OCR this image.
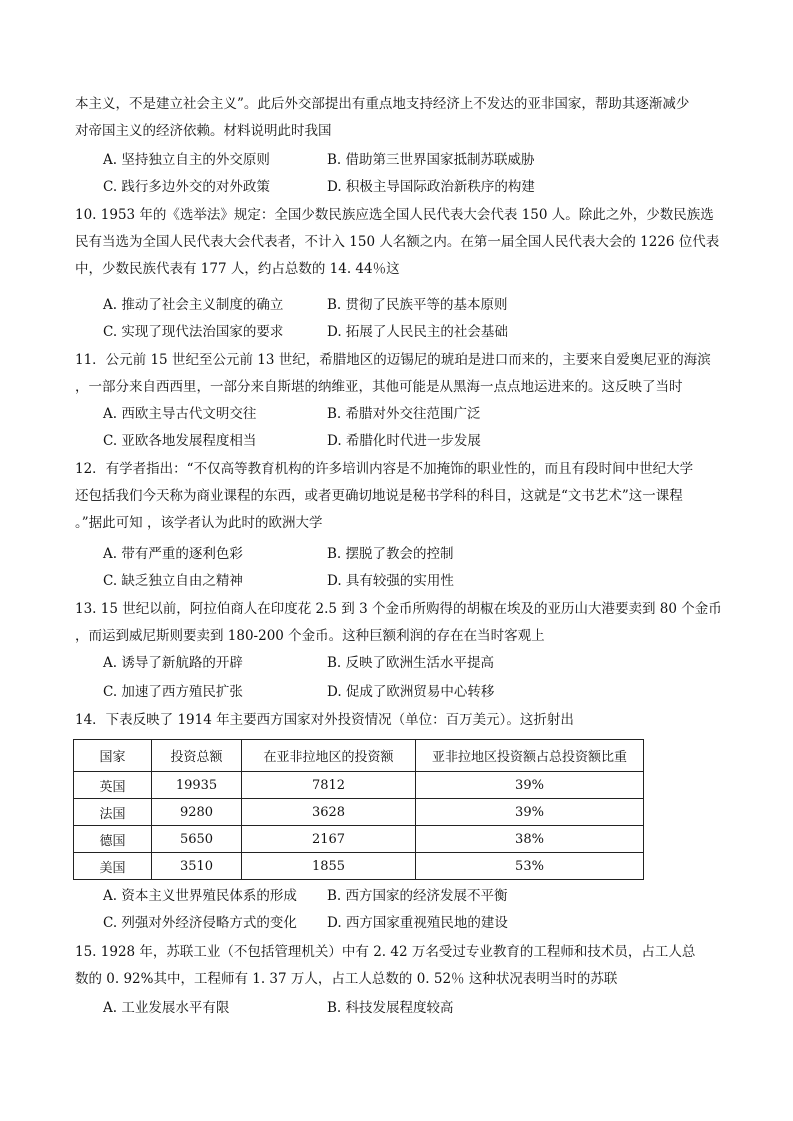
本主义，不是建立社会主义”。此后外交部提出有重点地支持经济上不发达的亚非国家，帮助其逐渐减少
对帝国主义的经济依赖。材料说明此时我国
A. 坚持独立自主的外交原则	B. 借助第三世界国家抵制苏联威胁
C. 践行多边外交的对外政策	D. 积极主导国际政治新秩序的构建
10. 1953 年的《选举法》规定：全国少数民族应选全国人民代表大会代表 150 人。除此之外，少数民族选
民有当选为全国人民代表大会代表者，不计入 150 人名额之内。在第一届全国人民代表大会的 1226 位代表
中，少数民族代表有 177 人，约占总数的 14. 44％这
A. 推动了社会主义制度的确立	B. 贯彻了民族平等的基本原则
C. 实现了现代法治国家的要求	D. 拓展了人民民主的社会基础
11．公元前 15 世纪至公元前 13 世纪，希腊地区的迈锡尼的琥珀是进口而来的，主要来自爱奥尼亚的海滨
，一部分来自西西里，一部分来自斯堪的纳维亚，其他可能是从黑海一点点地运进来的。这反映了当时
A. 西欧主导古代文明交往	B. 希腊对外交往范围广泛
C. 亚欧各地发展程度相当	D. 希腊化时代进一步发展
12．有学者指出：“不仅高等教育机构的许多培训内容是不加掩饰的职业性的，而且有段时间中世纪大学
还包括我们今天称为商业课程的东西，或者更确切地说是秘书学科的科目，这就是“文书艺术”这一课程
。”据此可知 ，该学者认为此时的欧洲大学
A. 带有严重的逐利色彩	B. 摆脱了教会的控制
C. 缺乏独立自由之精神	D. 具有较强的实用性
13. 15 世纪以前，阿拉伯商人在印度花 2.5 到 3 个金币所购得的胡椒在埃及的亚历山大港要卖到 80 个金币
，而运到威尼斯则要卖到 180-200 个金币。这种巨额利润的存在在当时客观上
A. 诱导了新航路的开辟	B. 反映了欧洲生活水平提高
C. 加速了西方殖民扩张	D. 促成了欧洲贸易中心转移
14．下表反映了 1914 年主要西方国家对外投资情况（单位：百万美元）。这折射出
国家	投资总额	在亚非拉地区的投资额	亚非拉地区投资额占总投资额比重
英国	19935	7812	39%
法国	9280	3628	39%
德国	5650	2167	38%
美国	3510	1855	53%
A. 资本主义世界殖民体系的形成 B. 西方国家的经济发展不平衡
C. 列强对外经济侵略方式的变化 D. 西方国家重视殖民地的建设
15. 1928 年，苏联工业（不包括管理机关）中有 2. 42 万名受过专业教育的工程师和技术员，占工人总
数的 0. 92%其中，工程师有 1. 37 万人，占工人总数的 0. 52％ 这种状况表明当时的苏联
A. 工业发展水平有限	B. 科技发展程度较高
